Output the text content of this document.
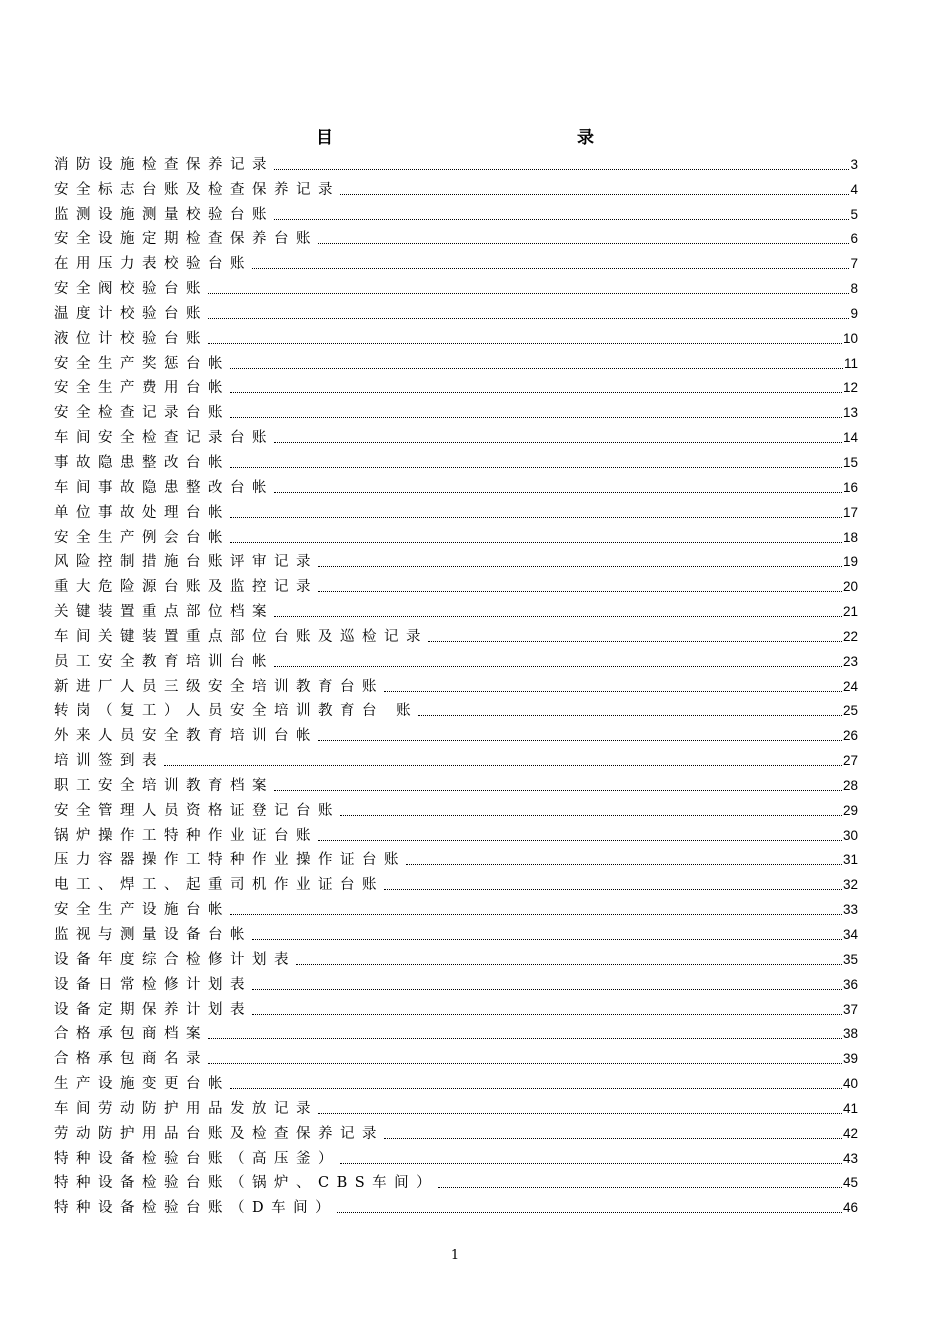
目　　录
消防设施检查保养记录	3
安全标志台账及检查保养记录	4
监测设施测量校验台账	5
安全设施定期检查保养台账	6
在用压力表校验台账	7
安全阀校验台账	8
温度计校验台账	9
液位计校验台账	10
安全生产奖惩台帐	11
安全生产费用台帐	12
安全检查记录台账	13
车间安全检查记录台账	14
事故隐患整改台帐	15
车间事故隐患整改台帐	16
单位事故处理台帐	17
安全生产例会台帐	18
风险控制措施台账评审记录	19
重大危险源台账及监控记录	20
关键装置重点部位档案	21
车间关键装置重点部位台账及巡检记录	22
员工安全教育培训台帐	23
新进厂人员三级安全培训教育台账	24
转岗（复工）人员安全培训教育台 账	25
外来人员安全教育培训台帐	26
培训签到表	27
职工安全培训教育档案	28
安全管理人员资格证登记台账	29
锅炉操作工特种作业证台账	30
压力容器操作工特种作业操作证台账	31
电工、焊工、起重司机作业证台账	32
安全生产设施台帐	33
监视与测量设备台帐	34
设备年度综合检修计划表	35
设备日常检修计划表	36
设备定期保养计划表	37
合格承包商档案	38
合格承包商名录	39
生产设施变更台帐	40
车间劳动防护用品发放记录	41
劳动防护用品台账及检查保养记录	42
特种设备检验台账（高压釜）	43
特种设备检验台账（锅炉、CBS车间）	45
特种设备检验台账（D车间）	46
1
